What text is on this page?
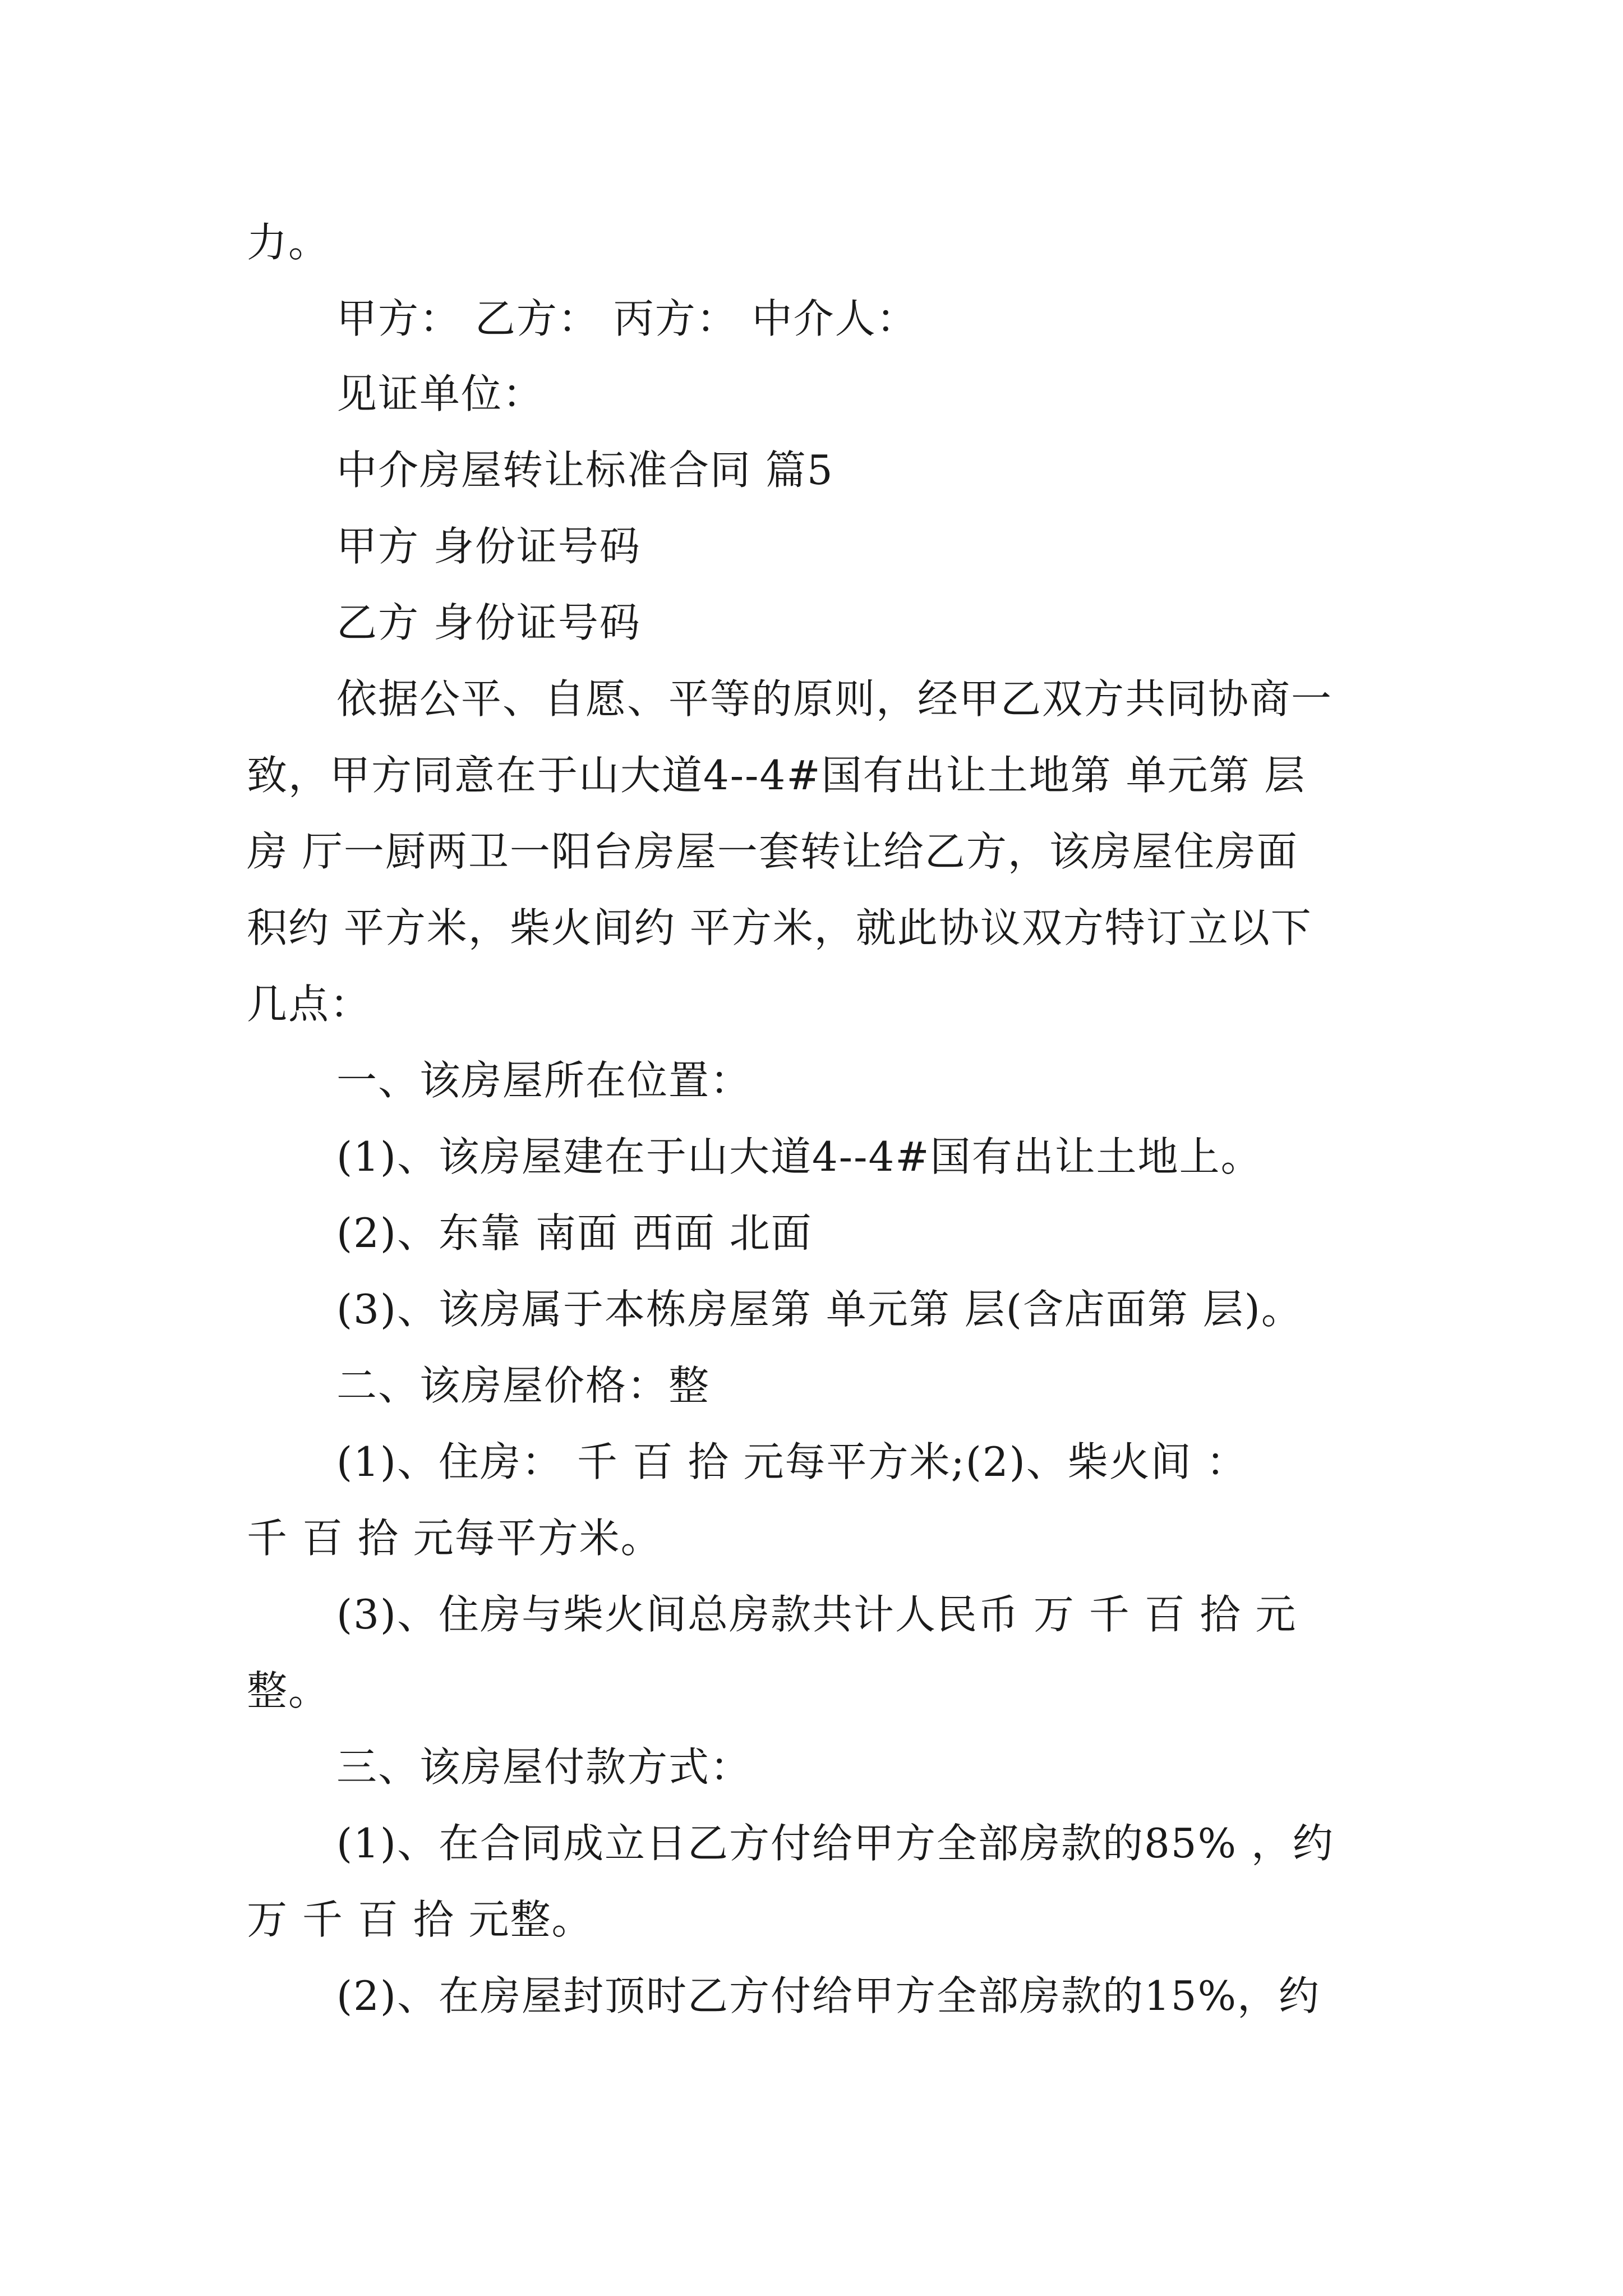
力。
甲方： 乙方： 丙方： 中介人：
见证单位：
中介房屋转让标准合同 篇5
甲方 身份证号码
乙方 身份证号码
依据公平、自愿、平等的原则，经甲乙双方共同协商一
致，甲方同意在于山大道4--4#国有出让土地第 单元第 层
房 厅一厨两卫一阳台房屋一套转让给乙方，该房屋住房面
积约 平方米，柴火间约 平方米，就此协议双方特订立以下
几点：
一、该房屋所在位置：
(1)、该房屋建在于山大道4--4#国有出让土地上。
(2)、东靠 南面 西面 北面
(3)、该房属于本栋房屋第 单元第 层(含店面第 层)。
二、该房屋价格：整
(1)、住房： 千 百 拾 元每平方米;(2)、柴火间 ：
千 百 拾 元每平方米。
(3)、住房与柴火间总房款共计人民币 万 千 百 拾 元
整。
三、该房屋付款方式：
(1)、在合同成立日乙方付给甲方全部房款的85% ，约
万 千 百 拾 元整。
(2)、在房屋封顶时乙方付给甲方全部房款的15%，约
